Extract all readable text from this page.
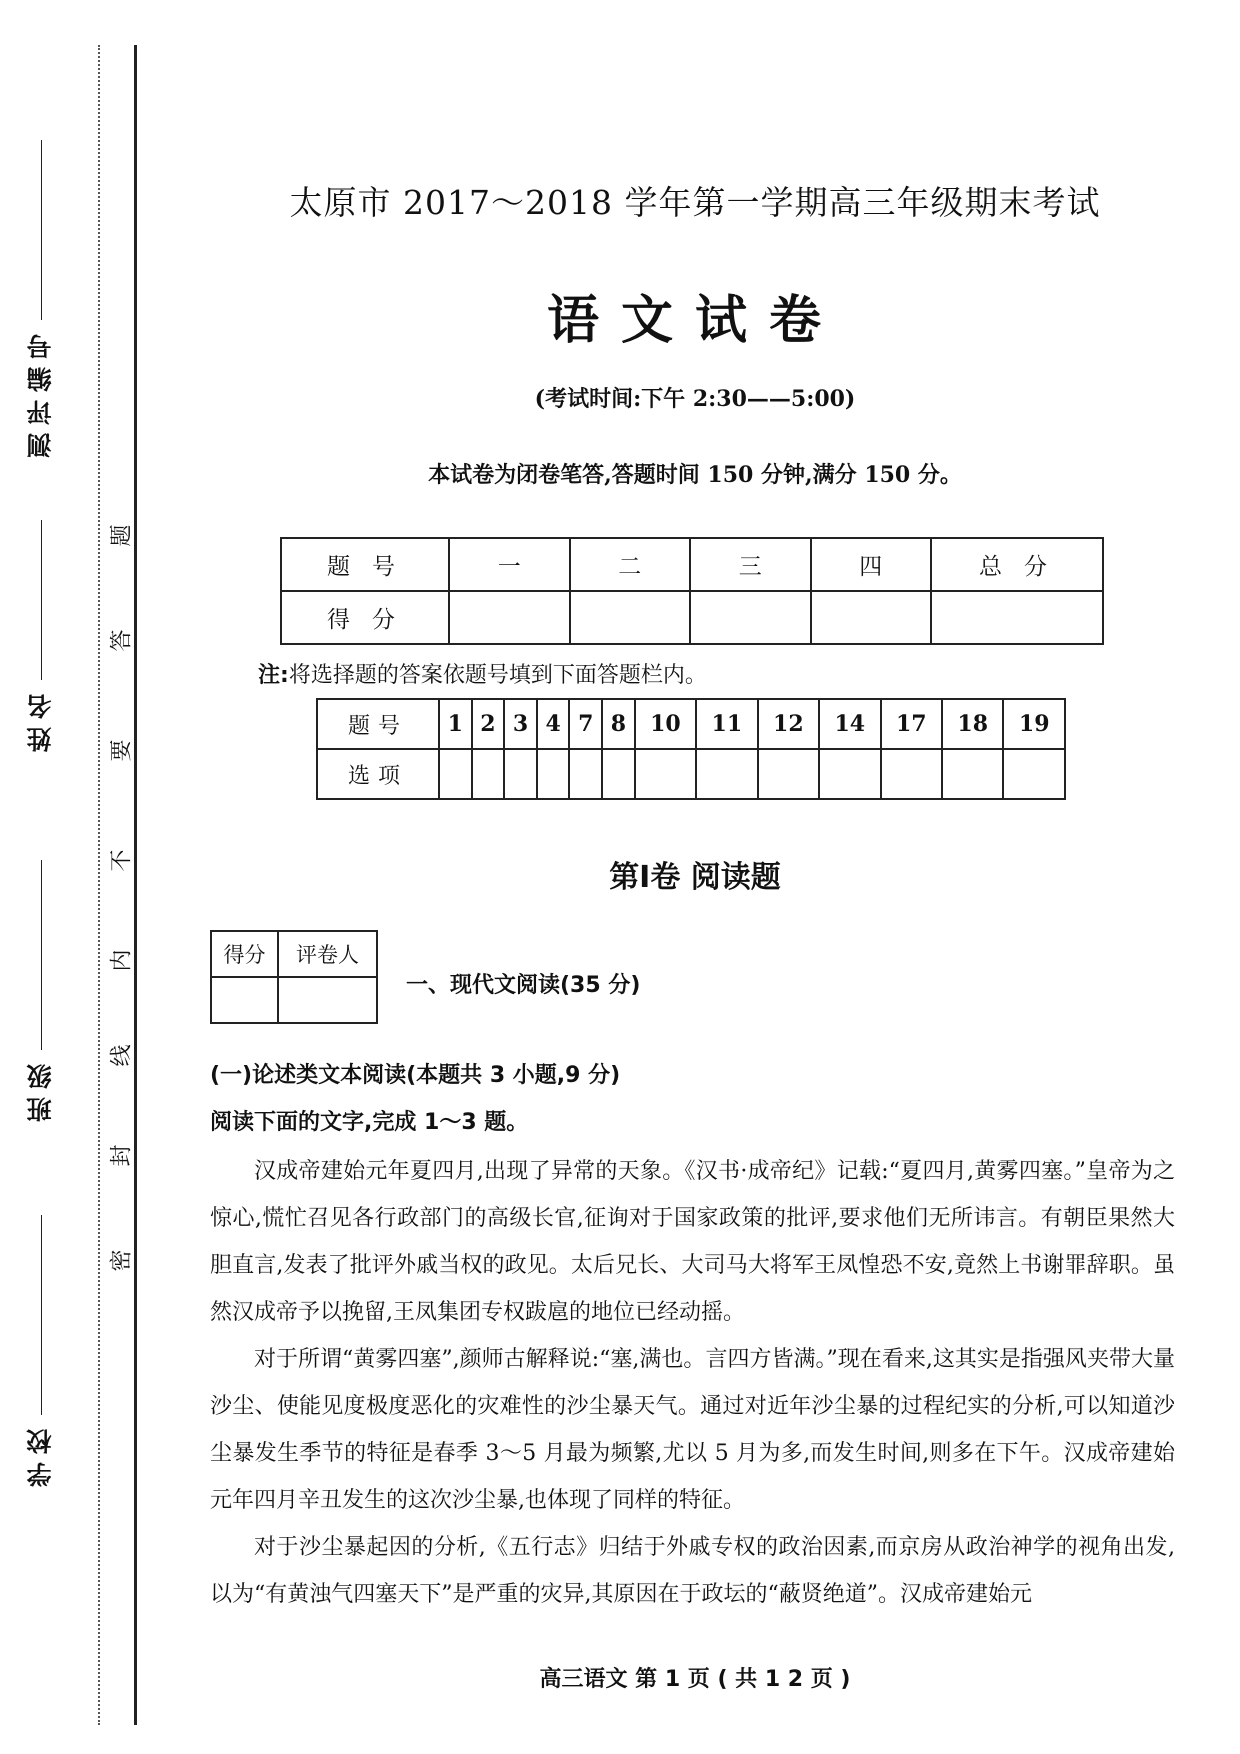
测评编号
姓名
班级
学校
题
答
要
不
内
线
封
密
太原市 2017～2018 学年第一学期高三年级期末考试
语文试卷
(考试时间:下午 2:30——5:00)
本试卷为闭卷笔答,答题时间 150 分钟,满分 150 分。
题号	一	二	三	四	总分
得分					
注:将选择题的答案依题号填到下面答题栏内。
题号	1	2	3	4	7	8	10	11	12	14	17	18	19
选项													
第Ⅰ卷 阅读题
得分	评卷人

一、现代文阅读(35 分)
(一)论述类文本阅读(本题共 3 小题,9 分)
阅读下面的文字,完成 1～3 题。

汉成帝建始元年夏四月,出现了异常的天象。《汉书·成帝纪》记载:“夏四月,黄雾四塞。”皇帝为之惊心,慌忙召见各行政部门的高级长官,征询对于国家政策的批评,要求他们无所讳言。有朝臣果然大胆直言,发表了批评外戚当权的政见。太后兄长、大司马大将军王凤惶恐不安,竟然上书谢罪辞职。虽然汉成帝予以挽留,王凤集团专权跋扈的地位已经动摇。

对于所谓“黄雾四塞”,颜师古解释说:“塞,满也。言四方皆满。”现在看来,这其实是指强风夹带大量沙尘、使能见度极度恶化的灾难性的沙尘暴天气。通过对近年沙尘暴的过程纪实的分析,可以知道沙尘暴发生季节的特征是春季 3～5 月最为频繁,尤以 5 月为多,而发生时间,则多在下午。汉成帝建始元年四月辛丑发生的这次沙尘暴,也体现了同样的特征。

对于沙尘暴起因的分析,《五行志》归结于外戚专权的政治因素,而京房从政治神学的视角出发,以为“有黄浊气四塞天下”是严重的灾异,其原因在于政坛的“蔽贤绝道”。汉成帝建始元

高三语文 第 1 页 ( 共 1 2 页 )
